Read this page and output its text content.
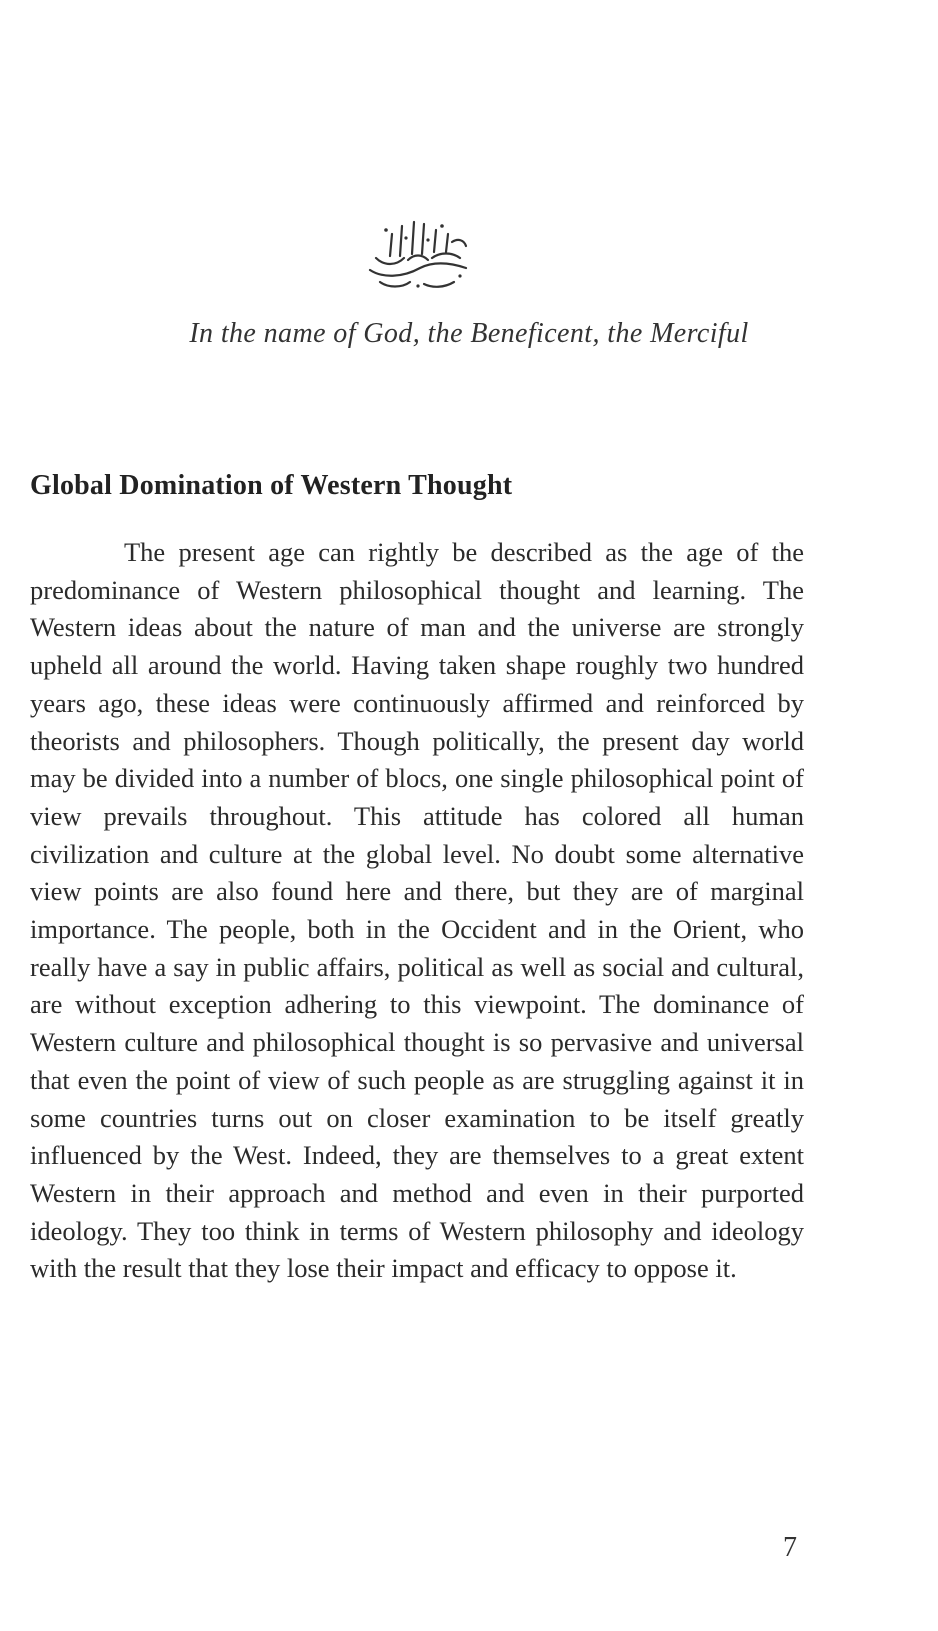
In the name of God, the Beneficent, the Merciful
Global Domination of Western Thought

The present age can rightly be described as the age of the predominance of Western philosophical thought and learning. The Western ideas about the nature of man and the universe are strongly upheld all around the world. Having taken shape roughly two hundred years ago, these ideas were continuously affirmed and reinforced by theorists and philosophers. Though politically, the present day world may be divided into a number of blocs, one single philosophical point of view prevails throughout. This attitude has colored all human civilization and culture at the global level. No doubt some alternative view points are also found here and there, but they are of marginal importance. The people, both in the Occident and in the Orient, who really have a say in public affairs, political as well as social and cultural, are without exception adhering to this viewpoint. The dominance of Western culture and philosophical thought is so pervasive and universal that even the point of view of such people as are struggling against it in some countries turns out on closer examination to be itself greatly influenced by the West. Indeed, they are themselves to a great extent Western in their approach and method and even in their purported ideology. They too think in terms of Western philosophy and ideology with the result that they lose their impact and efficacy to oppose it.

7
